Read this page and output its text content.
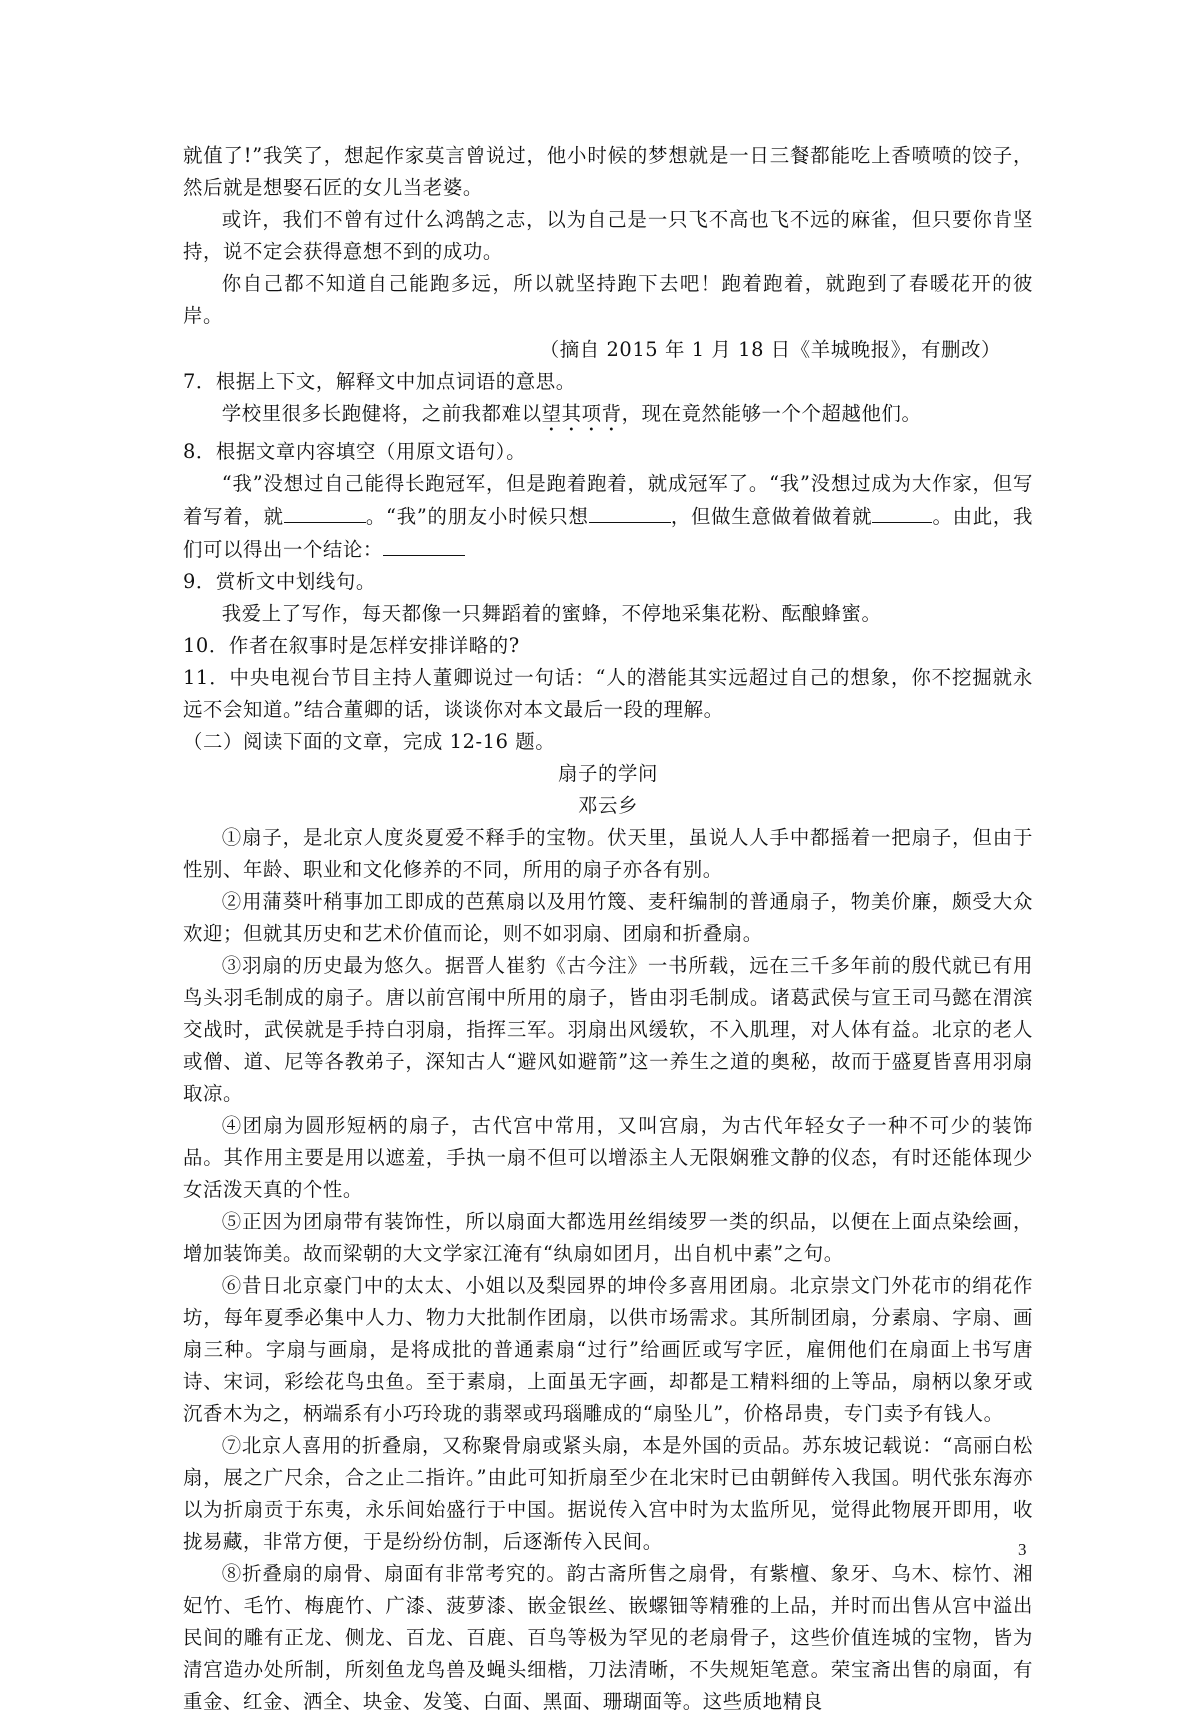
就值了!”我笑了，想起作家莫言曾说过，他小时候的梦想就是一日三餐都能吃上香喷喷的饺子，然后就是想娶石匠的女儿当老婆。

或许，我们不曾有过什么鸿鹄之志，以为自己是一只飞不高也飞不远的麻雀，但只要你肯坚持，说不定会获得意想不到的成功。

你自己都不知道自己能跑多远，所以就坚持跑下去吧！跑着跑着，就跑到了春暖花开的彼岸。

（摘自 2015 年 1 月 18 日《羊城晚报》，有删改）

7．根据上下文，解释文中加点词语的意思。

学校里很多长跑健将，之前我都难以望其项背，现在竟然能够一个个超越他们。

8．根据文章内容填空（用原文语句）。

“我”没想过自己能得长跑冠军，但是跑着跑着，就成冠军了。“我”没想过成为大作家，但写着写着，就	。“我”的朋友小时候只想	，但做生意做着做着就	。由此，我们可以得出一个结论：

9．赏析文中划线句。

我爱上了写作，每天都像一只舞蹈着的蜜蜂，不停地采集花粉、酝酿蜂蜜。

10．作者在叙事时是怎样安排详略的?

11．中央电视台节目主持人董卿说过一句话：“人的潜能其实远超过自己的想象，你不挖掘就永远不会知道。”结合董卿的话，谈谈你对本文最后一段的理解。

（二）阅读下面的文章，完成 12-16 题。

扇子的学问

邓云乡

①扇子，是北京人度炎夏爱不释手的宝物。伏天里，虽说人人手中都摇着一把扇子，但由于性别、年龄、职业和文化修养的不同，所用的扇子亦各有别。

②用蒲葵叶稍事加工即成的芭蕉扇以及用竹篾、麦秆编制的普通扇子，物美价廉，颇受大众欢迎；但就其历史和艺术价值而论，则不如羽扇、团扇和折叠扇。

③羽扇的历史最为悠久。据晋人崔豹《古今注》一书所载，远在三千多年前的殷代就已有用鸟头羽毛制成的扇子。唐以前宫闱中所用的扇子，皆由羽毛制成。诸葛武侯与宣王司马懿在渭滨交战时，武侯就是手持白羽扇，指挥三军。羽扇出风缓软，不入肌理，对人体有益。北京的老人或僧、道、尼等各教弟子，深知古人“避风如避箭”这一养生之道的奥秘，故而于盛夏皆喜用羽扇取凉。

④团扇为圆形短柄的扇子，古代宫中常用，又叫宫扇，为古代年轻女子一种不可少的装饰品。其作用主要是用以遮羞，手执一扇不但可以增添主人无限娴雅文静的仪态，有时还能体现少女活泼天真的个性。

⑤正因为团扇带有装饰性，所以扇面大都选用丝绢绫罗一类的织品，以便在上面点染绘画，增加装饰美。故而梁朝的大文学家江淹有“纨扇如团月，出自机中素”之句。

⑥昔日北京豪门中的太太、小姐以及梨园界的坤伶多喜用团扇。北京崇文门外花市的绢花作坊，每年夏季必集中人力、物力大批制作团扇，以供市场需求。其所制团扇，分素扇、字扇、画扇三种。字扇与画扇，是将成批的普通素扇“过行”给画匠或写字匠，雇佣他们在扇面上书写唐诗、宋词，彩绘花鸟虫鱼。至于素扇，上面虽无字画，却都是工精料细的上等品，扇柄以象牙或沉香木为之，柄端系有小巧玲珑的翡翠或玛瑙雕成的“扇坠儿”，价格昂贵，专门卖予有钱人。

⑦北京人喜用的折叠扇，又称聚骨扇或紧头扇，本是外国的贡品。苏东坡记载说：“高丽白松扇，展之广尺余，合之止二指许。”由此可知折扇至少在北宋时已由朝鲜传入我国。明代张东海亦以为折扇贡于东夷，永乐间始盛行于中国。据说传入宫中时为太监所见，觉得此物展开即用，收拢易藏，非常方便，于是纷纷仿制，后逐渐传入民间。

⑧折叠扇的扇骨、扇面有非常考究的。韵古斋所售之扇骨，有紫檀、象牙、乌木、棕竹、湘妃竹、毛竹、梅鹿竹、广漆、菠萝漆、嵌金银丝、嵌螺钿等精雅的上品，并时而出售从宫中溢出民间的雕有正龙、侧龙、百龙、百鹿、百鸟等极为罕见的老扇骨子，这些价值连城的宝物，皆为清宫造办处所制，所刻鱼龙鸟兽及蝇头细楷，刀法清晰，不失规矩笔意。荣宝斋出售的扇面，有重金、红金、洒全、块金、发笺、白面、黑面、珊瑚面等。这些质地精良

3
